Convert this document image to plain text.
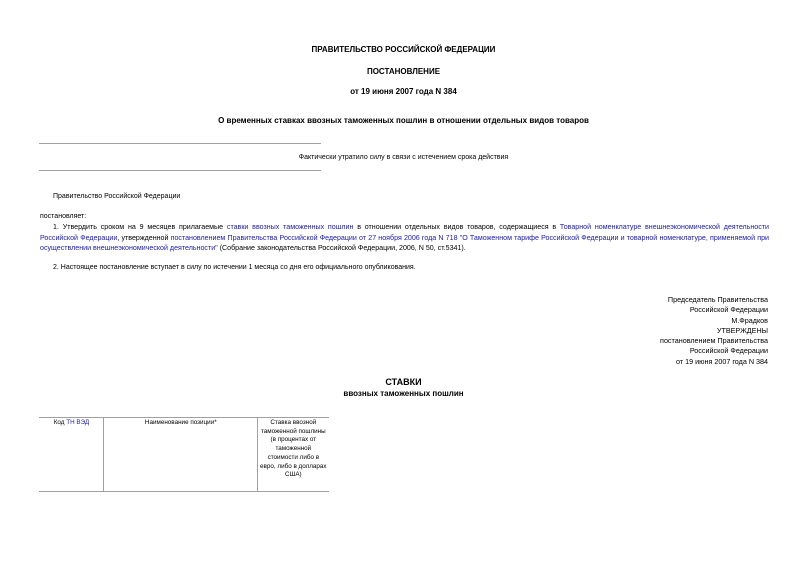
ПРАВИТЕЛЬСТВО РОССИЙСКОЙ ФЕДЕРАЦИИ
ПОСТАНОВЛЕНИЕ
от 19 июня 2007 года N 384
О временных ставках ввозных таможенных пошлин в отношении отдельных видов товаров
Фактически утратило силу в связи с истечением срока действия
Правительство Российской Федерации
постановляет:
1. Утвердить сроком на 9 месяцев прилагаемые ставки ввозных таможенных пошлин в отношении отдельных видов товаров, содержащиеся в Товарной номенклатуре внешнеэкономической деятельности Российской Федерации, утвержденной постановлением Правительства Российской Федерации от 27 ноября 2006 года N 718 "О Таможенном тарифе Российской Федерации и товарной номенклатуре, применяемой при осуществлении внешнеэкономической деятельности" (Собрание законодательства Российской Федерации, 2006, N 50, ст.5341).
2. Настоящее постановление вступает в силу по истечении 1 месяца со дня его официального опубликования.
Председатель Правительства
Российской Федерации
М.Фрадков
УТВЕРЖДЕНЫ
постановлением Правительства
Российской Федерации
от 19 июня 2007 года N 384
СТАВКИ
ввозных таможенных пошлин
Код ТН ВЭД	Наименование позиции*	Ставка ввозной таможенной пошлины (в процентах от таможенной стоимости либо в евро, либо в долларах США)
